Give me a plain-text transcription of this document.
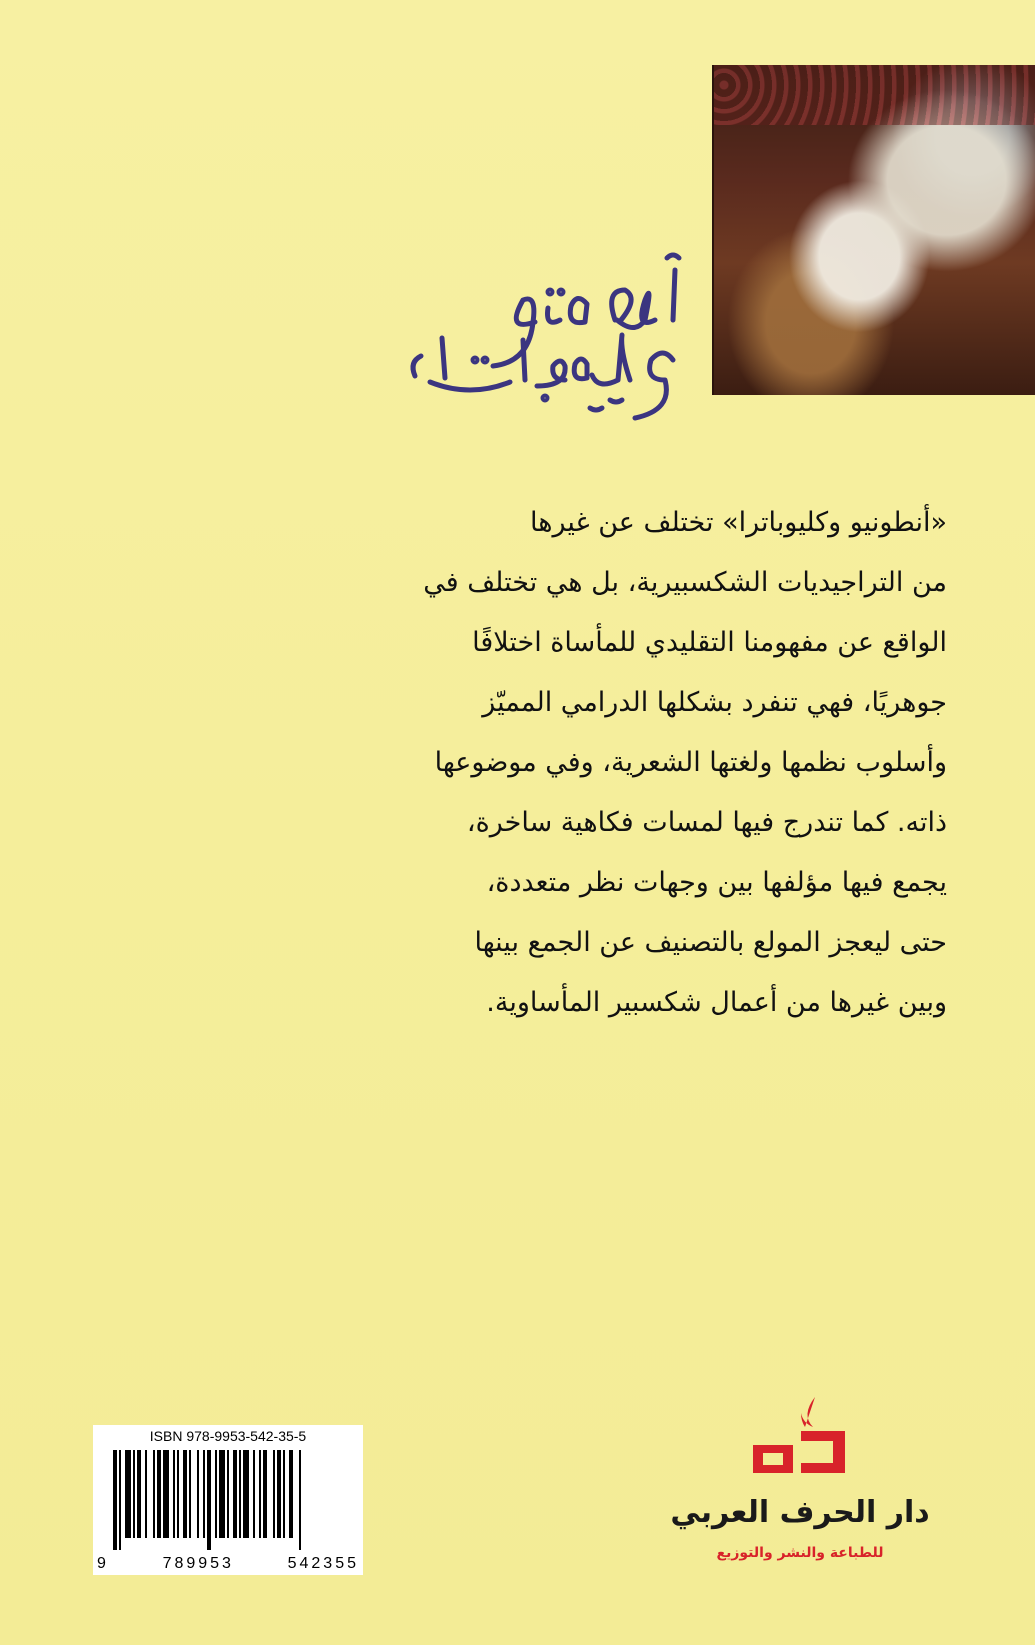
«أنطونيو وكليوباترا» تختلف عن غيرها

من التراجيديات الشكسبيرية، بل هي تختلف في

الواقع عن مفهومنا التقليدي للمأساة اختلافًا

جوهريًا، فهي تنفرد بشكلها الدرامي المميّز

وأسلوب نظمها ولغتها الشعرية، وفي موضوعها

ذاته. كما تندرج فيها لمسات فكاهية ساخرة،

يجمع فيها مؤلفها بين وجهات نظر متعددة،

حتى ليعجز المولع بالتصنيف عن الجمع بينها

وبين غيرها من أعمال شكسبير المأساوية.

ISBN 978-9953-542-35-5
9	789953	542355
دار الحرف العربي
للطباعة والنشر والتوزيع
